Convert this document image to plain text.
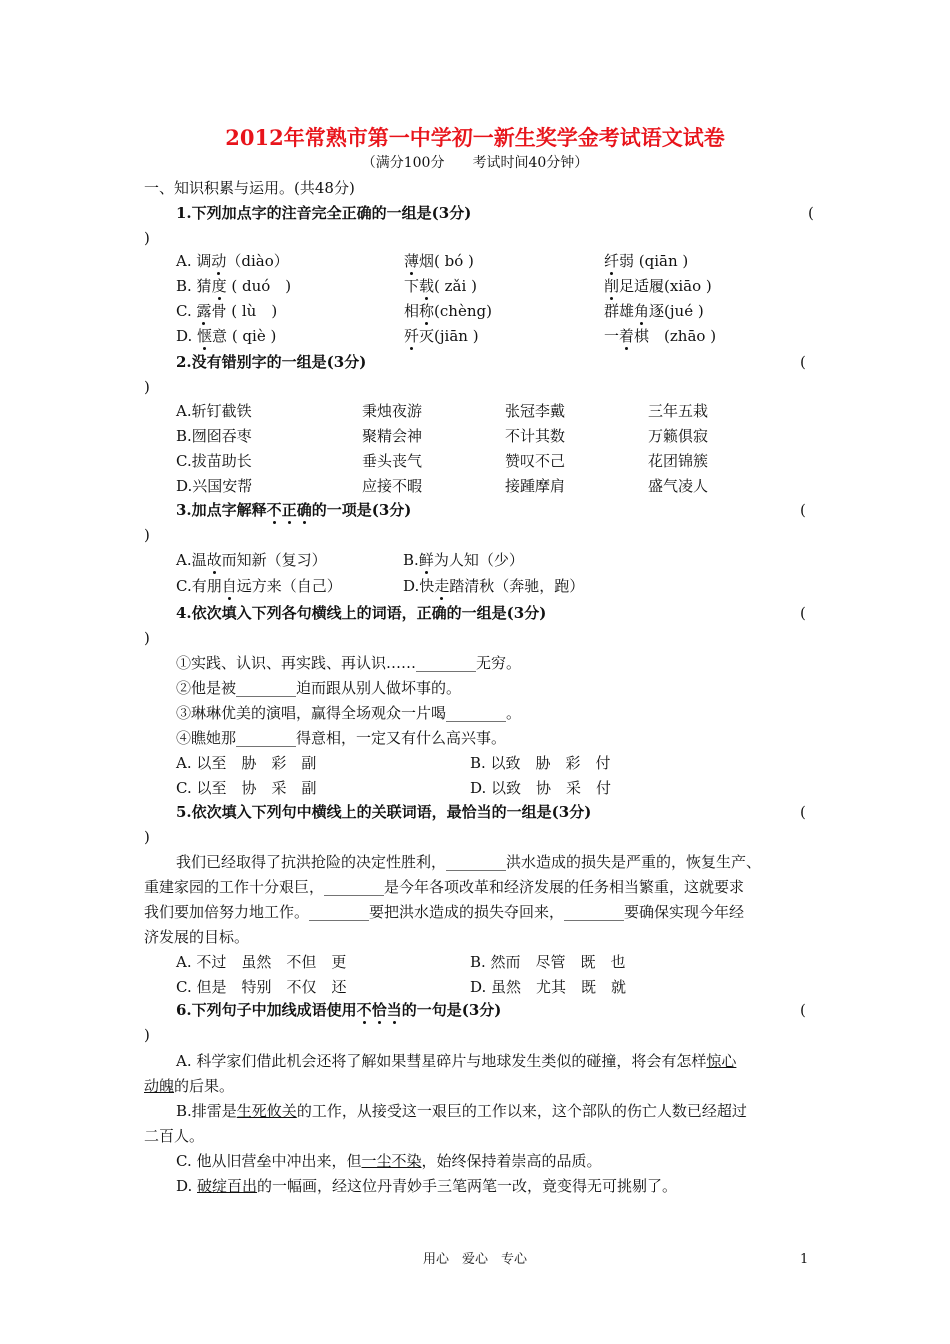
2012年常熟市第一中学初一新生奖学金考试语文试卷
（满分100分　　考试时间40分钟）
一、知识积累与运用。(共48分)
1.下列加点字的注音完全正确的一组是(3分)	(
)
A. 调动（diào）	薄烟( bó )	纤弱 (qiān )
B. 猜度 ( duó　)	下载( zǎi )	削足适履(xiāo )
C. 露骨 ( lù　)	相称(chèng)	群雄角逐(jué )
D. 惬意 ( qiè )	歼灭(jiān )	一着棋　(zhāo )
2.没有错别字的一组是(3分)	(
)
A.斩钉截铁	秉烛夜游	张冠李戴	三年五栽
B.囫囵吞枣	聚精会神	不计其数	万籁俱寂
C.拔苗助长	垂头丧气	赞叹不己	花团锦簇
D.兴国安帮	应接不暇	接踵摩肩	盛气凌人
3.加点字解释不正确的一项是(3分)	(
)
A.温故而知新（复习）	B.鲜为人知（少）
C.有朋自远方来（自己）	D.快走踏清秋（奔驰，跑）
4.依次填入下列各句横线上的词语，正确的一组是(3分)	(
)
①实践、认识、再实践、再认识……________无穷。
②他是被________迫而跟从别人做坏事的。
③琳琳优美的演唱，赢得全场观众一片喝________。
④瞧她那________得意相，一定又有什么高兴事。
A. 以至　胁　彩　副	B. 以致　胁　彩　付
C. 以至　协　采　副	D. 以致　协　采　付
5.依次填入下列句中横线上的关联词语，最恰当的一组是(3分)	(
)
我们已经取得了抗洪抢险的决定性胜利，________洪水造成的损失是严重的，恢复生产、
重建家园的工作十分艰巨，________是今年各项改革和经济发展的任务相当繁重，这就要求
我们要加倍努力地工作。________要把洪水造成的损失夺回来，________要确保实现今年经
济发展的目标。
A. 不过　虽然　不但　更	B. 然而　尽管　既　也
C. 但是　特别　不仅　还	D. 虽然　尤其　既　就
6.下列句子中加线成语使用不恰当的一句是(3分)	(
)
A. 科学家们借此机会还将了解如果彗星碎片与地球发生类似的碰撞，将会有怎样惊心
动魄的后果。
B.排雷是生死攸关的工作，从接受这一艰巨的工作以来，这个部队的伤亡人数已经超过
二百人。
C. 他从旧营垒中冲出来，但一尘不染，始终保持着崇高的品质。
D. 破绽百出的一幅画，经这位丹青妙手三笔两笔一改，竟变得无可挑剔了。
用心　爱心　专心	1
